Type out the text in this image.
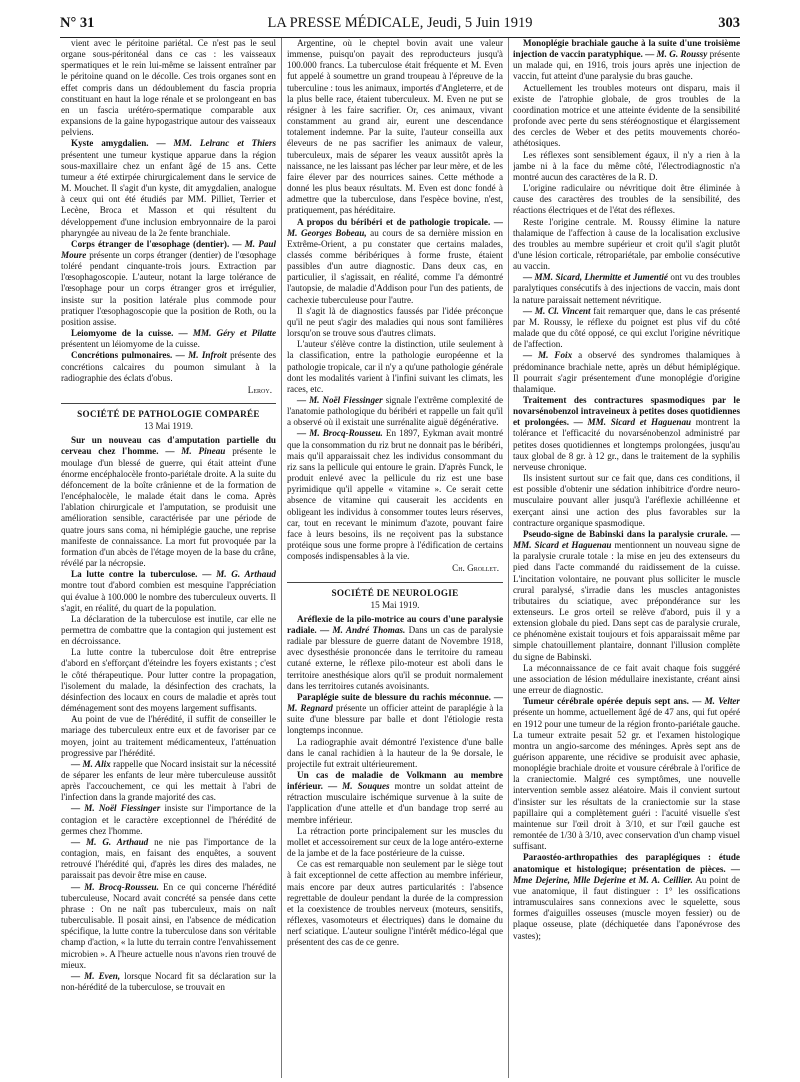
LA PRESSE MÉDICALE, Jeudi, 5 Juin 1919
N° 31	303

vient avec le péritoine pariétal. Ce n'est pas le seul organe sous-péritonéal dans ce cas : les vaisseaux spermatiques et le rein lui-même se laissent entraîner par le péritoine quand on le décolle. Ces trois organes sont en effet compris dans un dédoublement du fascia propria constituant en haut la loge rénale et se prolongeant en bas en un fascia urétéro-spermatique comparable aux expansions de la gaine hypogastrique autour des vaisseaux pelviens.

Kyste amygdalien. — MM. Lelranc et Thiers présentent une tumeur kystique apparue dans la région sous-maxillaire chez un enfant âgé de 15 ans. Cette tumeur a été extirpée chirurgicalement dans le service de M. Mouchet. Il s'agit d'un kyste, dit amygdalien, analogue à ceux qui ont été étudiés par MM. Pilliet, Terrier et Lecène, Broca et Masson et qui résultent du développement d'une inclusion embryonnaire de la paroi pharyngée au niveau de la 2e fente branchiale.

Corps étranger de l'œsophage (dentier). — M. Paul Moure présente un corps étranger (dentier) de l'œsophage toléré pendant cinquante-trois jours. Extraction par l'œsophagoscopie. L'auteur, notant la large tolérance de l'œsophage pour un corps étranger gros et irrégulier, insiste sur la position latérale plus commode pour pratiquer l'œsophagoscopie que la position de Roth, ou la position assise.

Leiomyome de la cuisse. — MM. Géry et Pilatte présentent un léiomyome de la cuisse.

Concrétions pulmonaires. — M. Infroit présente des concrétions calcaires du poumon simulant à la radiographie des éclats d'obus.

Leroy.

SOCIÉTÉ DE PATHOLOGIE COMPARÉE
13 Mai 1919.

Sur un nouveau cas d'amputation partielle du cerveau chez l'homme. — M. Pineau présente le moulage d'un blessé de guerre, qui était atteint d'une énorme encéphalocèle fronto-pariétale droite. A la suite du défoncement de la boîte crânienne et de la formation de l'encéphalocèle, le malade était dans le coma. Après l'ablation chirurgicale et l'amputation, se produisit une amélioration sensible, caractérisée par une période de quatre jours sans coma, ni hémiplégie gauche, une reprise manifeste de connaissance. La mort fut provoquée par la formation d'un abcès de l'étage moyen de la base du crâne, révélé par la nécropsie.

La lutte contre la tuberculose. — M. G. Arthaud montre tout d'abord combien est mesquine l'appréciation qui évalue à 100.000 le nombre des tuberculeux ouverts. Il s'agit, en réalité, du quart de la population.

La déclaration de la tuberculose est inutile, car elle ne permettra de combattre que la contagion qui justement est en décroissance.

La lutte contre la tuberculose doit être entreprise d'abord en s'efforçant d'éteindre les foyers existants ; c'est le côté thérapeutique. Pour lutter contre la propagation, l'isolement du malade, la désinfection des crachats, la désinfection des locaux en cours de maladie et après tout déménagement sont des moyens largement suffisants.

Au point de vue de l'hérédité, il suffit de conseiller le mariage des tuberculeux entre eux et de favoriser par ce moyen, joint au traitement médicamenteux, l'atténuation progressive par l'hérédité.

— M. Alix rappelle que Nocard insistait sur la nécessité de séparer les enfants de leur mère tuberculeuse aussitôt après l'accouchement, ce qui les mettait à l'abri de l'infection dans la grande majorité des cas.

— M. Noël Fiessinger insiste sur l'importance de la contagion et le caractère exceptionnel de l'hérédité de germes chez l'homme.

— M. G. Arthaud ne nie pas l'importance de la contagion, mais, en faisant des enquêtes, a souvent retrouvé l'hérédité qui, d'après les dires des malades, ne paraissait pas devoir être mise en cause.

— M. Brocq-Rousseu. En ce qui concerne l'hérédité tuberculeuse, Nocard avait concrété sa pensée dans cette phrase : On ne naît pas tuberculeux, mais on naît tuberculisable. Il posait ainsi, en l'absence de médication spécifique, la lutte contre la tuberculose dans son véritable champ d'action, « la lutte du terrain contre l'envahissement microbien ». A l'heure actuelle nous n'avons rien trouvé de mieux.

— M. Even, lorsque Nocard fit sa déclaration sur la non-hérédité de la tuberculose, se trouvait en

Argentine, où le cheptel bovin avait une valeur immense, puisqu'on payait des reproducteurs jusqu'à 100.000 francs. La tuberculose était fréquente et M. Even fut appelé à soumettre un grand troupeau à l'épreuve de la tuberculine : tous les animaux, importés d'Angleterre, et de la plus belle race, étaient tuberculeux. M. Even ne put se résigner à les faire sacrifier. Or, ces animaux, vivant constamment au grand air, eurent une descendance totalement indemne. Par la suite, l'auteur conseilla aux éleveurs de ne pas sacrifier les animaux de valeur, tuberculeux, mais de séparer les veaux aussitôt après la naissance, ne les laissant pas lécher par leur mère, et de les faire élever par des nourrices saines. Cette méthode a donné les plus beaux résultats. M. Even est donc fondé à admettre que la tuberculose, dans l'espèce bovine, n'est, pratiquement, pas héréditaire.

A propos du béribéri et de pathologie tropicale. — M. Georges Bobeau, au cours de sa dernière mission en Extrême-Orient, a pu constater que certains malades, classés comme béribériques à forme fruste, étaient passibles d'un autre diagnostic. Dans deux cas, en particulier, il s'agissait, en réalité, comme l'a démontré l'autopsie, de maladie d'Addison pour l'un des patients, de cachexie tuberculeuse pour l'autre.

Il s'agit là de diagnostics faussés par l'idée préconçue qu'il ne peut s'agir des maladies qui nous sont familières lorsqu'on se trouve sous d'autres climats.

L'auteur s'élève contre la distinction, utile seulement à la classification, entre la pathologie européenne et la pathologie tropicale, car il n'y a qu'une pathologie générale dont les modalités varient à l'infini suivant les climats, les races, etc.

— M. Noël Fiessinger signale l'extrême complexité de l'anatomie pathologique du béribéri et rappelle un fait qu'il a observé où il existait une surrénalite aiguë dégénérative.

— M. Brocq-Rousseu. En 1897, Eykman avait montré que la consommation du riz brut ne donnait pas le béribéri, mais qu'il apparaissait chez les individus consommant du riz sans la pellicule qui entoure le grain. D'après Funck, le produit enlevé avec la pellicule du riz est une base pyrimidique qu'il appelle « vitamine ». Ce serait cette absence de vitamine qui causerait les accidents en obligeant les individus à consommer toutes leurs réserves, car, tout en recevant le minimum d'azote, pouvant faire face à leurs besoins, ils ne reçoivent pas la substance protéique sous une forme propre à l'édification de certains composés indispensables à la vie.

Ch. Grollet.

SOCIÉTÉ DE NEUROLOGIE
15 Mai 1919.

Aréflexie de la pilo-motrice au cours d'une paralysie radiale. — M. André Thomas. Dans un cas de paralysie radiale par blessure de guerre datant de Novembre 1918, avec dysesthésie prononcée dans le territoire du rameau cutané externe, le réflexe pilo-moteur est aboli dans le territoire anesthésique alors qu'il se produit normalement dans les territoires cutanés avoisinants.

Paraplégie suite de blessure du rachis méconnue. — M. Regnard présente un officier atteint de paraplégie à la suite d'une blessure par balle et dont l'étiologie resta longtemps inconnue.

La radiographie avait démontré l'existence d'une balle dans le canal rachidien à la hauteur de la 9e dorsale, le projectile fut extrait ultérieurement.

Un cas de maladie de Volkmann au membre inférieur. — M. Souques montre un soldat atteint de rétraction musculaire ischémique survenue à la suite de l'application d'une attelle et d'un bandage trop serré au membre inférieur.

La rétraction porte principalement sur les muscles du mollet et accessoirement sur ceux de la loge antéro-externe de la jambe et de la face postérieure de la cuisse.

Ce cas est remarquable non seulement par le siège tout à fait exceptionnel de cette affection au membre inférieur, mais encore par deux autres particularités : l'absence regrettable de douleur pendant la durée de la compression et la coexistence de troubles nerveux (moteurs, sensitifs, réflexes, vasomoteurs et électriques) dans le domaine du nerf sciatique. L'auteur souligne l'intérêt médico-légal que présentent des cas de ce genre.

Monoplégie brachiale gauche à la suite d'une troisième injection de vaccin paratyphique. — M. G. Roussy présente un malade qui, en 1916, trois jours après une injection de vaccin, fut atteint d'une paralysie du bras gauche.

Actuellement les troubles moteurs ont disparu, mais il existe de l'atrophie globale, de gros troubles de la coordination motrice et une atteinte évidente de la sensibilité profonde avec perte du sens stéréognostique et élargissement des cercles de Weber et des petits mouvements choréo-athétosiques.

Les réflexes sont sensiblement égaux, il n'y a rien à la jambe ni à la face du même côté, l'électrodiagnostic n'a montré aucun des caractères de la R. D.

L'origine radiculaire ou névritique doit être éliminée à cause des caractères des troubles de la sensibilité, des réactions électriques et de l'état des réflexes.

Reste l'origine centrale. M. Roussy élimine la nature thalamique de l'affection à cause de la localisation exclusive des troubles au membre supérieur et croit qu'il s'agit plutôt d'une lésion corticale, rétropariétale, par embolie consécutive au vaccin.

— MM. Sicard, Lhermitte et Jumentié ont vu des troubles paralytiques consécutifs à des injections de vaccin, mais dont la nature paraissait nettement névritique.

— M. Cl. Vincent fait remarquer que, dans le cas présenté par M. Roussy, le réflexe du poignet est plus vif du côté malade que du côté opposé, ce qui exclut l'origine névritique de l'affection.

— M. Foix a observé des syndromes thalamiques à prédominance brachiale nette, après un début hémiplégique. Il pourrait s'agir présentement d'une monoplégie d'origine thalamique.

Traitement des contractures spasmodiques par le novarsénobenzol intraveineux à petites doses quotidiennes et prolongées. — MM. Sicard et Haguenau montrent la tolérance et l'efficacité du novarsénobenzol administré par petites doses quotidiennes et longtemps prolongées, jusqu'au taux global de 8 gr. à 12 gr., dans le traitement de la syphilis nerveuse chronique.

Ils insistent surtout sur ce fait que, dans ces conditions, il est possible d'obtenir une sédation inhibitrice d'ordre neuro-musculaire pouvant aller jusqu'à l'aréflexie achilléenne et exerçant ainsi une action des plus favorables sur la contracture organique spasmodique.

Pseudo-signe de Babinski dans la paralysie crurale. — MM. Sicard et Haguenau mentionnent un nouveau signe de la paralysie crurale totale : la mise en jeu des extenseurs du pied dans l'acte commandé du raidissement de la cuisse. L'incitation volontaire, ne pouvant plus solliciter le muscle crural paralysé, s'irradie dans les muscles antagonistes tributaires du sciatique, avec prépondérance sur les extenseurs. Le gros orteil se relève d'abord, puis il y a extension globale du pied. Dans sept cas de paralysie crurale, ce phénomène existait toujours et fois apparaissait même par simple chatouillement plantaire, donnant l'illusion complète du signe de Babinski.

La méconnaissance de ce fait avait chaque fois suggéré une association de lésion médullaire inexistante, créant ainsi une erreur de diagnostic.

Tumeur cérébrale opérée depuis sept ans. — M. Velter présente un homme, actuellement âgé de 47 ans, qui fut opéré en 1912 pour une tumeur de la région fronto-pariétale gauche. La tumeur extraite pesait 52 gr. et l'examen histologique montra un angio-sarcome des méninges. Après sept ans de guérison apparente, une récidive se produisit avec aphasie, monoplégie brachiale droite et vousure cérébrale à l'orifice de la craniectomie. Malgré ces symptômes, une nouvelle intervention semble assez aléatoire. Mais il convient surtout d'insister sur les résultats de la craniectomie sur la stase papillaire qui a complètement guéri : l'acuité visuelle s'est maintenue sur l'œil droit à 3/10, et sur l'œil gauche est remontée de 1/30 à 3/10, avec conservation d'un champ visuel suffisant.

Paraostéo-arthropathies des paraplégiques : étude anatomique et histologique; présentation de pièces. — Mme Dejerine, Mlle Dejerine et M. A. Ceillier. Au point de vue anatomique, il faut distinguer : 1° les ossifications intramusculaires sans connexions avec le squelette, sous formes d'aiguilles osseuses (muscle moyen fessier) ou de plaque osseuse, plate (déchiquetée dans l'aponévrose des vastes);
